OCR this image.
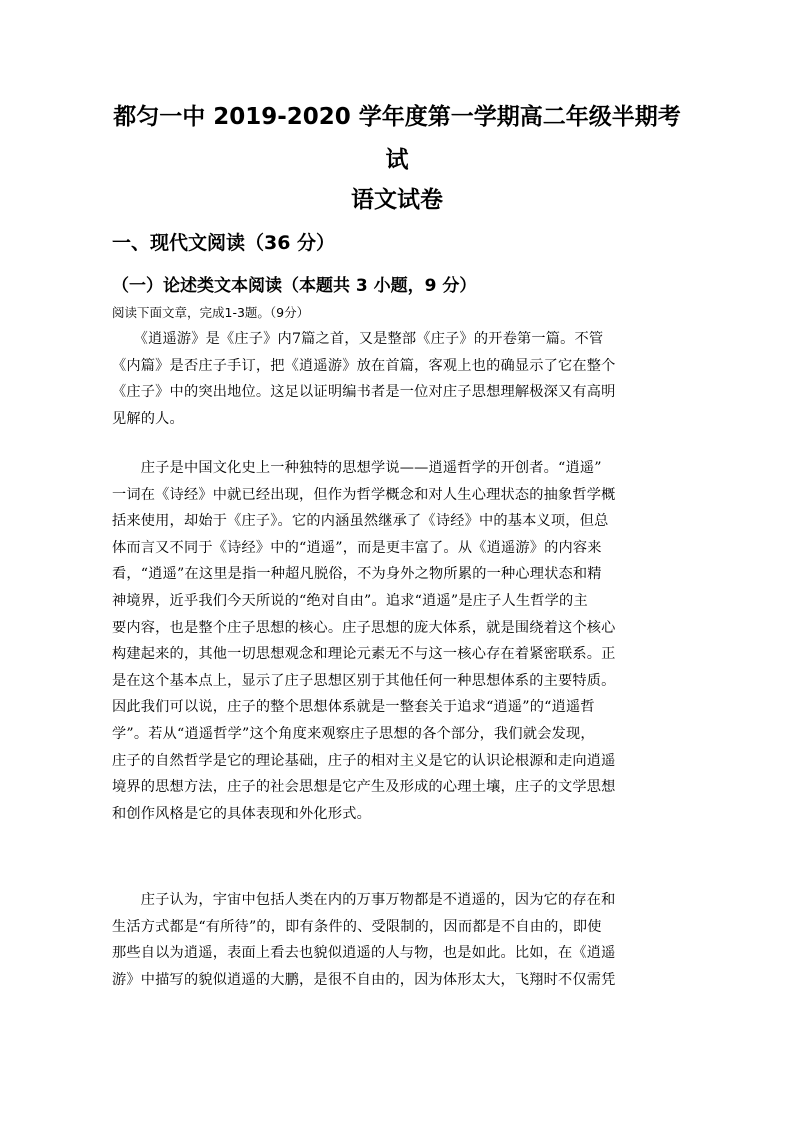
都匀一中 2019-2020 学年度第一学期高二年级半期考
试
语文试卷
一、现代文阅读（36 分）
（一）论述类文本阅读（本题共 3 小题，9 分）
阅读下面文章，完成1-3题。（9分）
　　《逍遥游》是《庄子》内7篇之首，又是整部《庄子》的开卷第一篇。不管
《内篇》是否庄子手订，把《逍遥游》放在首篇，客观上也的确显示了它在整个
《庄子》中的突出地位。这足以证明编书者是一位对庄子思想理解极深又有高明
见解的人。
　　庄子是中国文化史上一种独特的思想学说——逍遥哲学的开创者。“逍遥”
一词在《诗经》中就已经出现，但作为哲学概念和对人生心理状态的抽象哲学概
括来使用，却始于《庄子》。它的内涵虽然继承了《诗经》中的基本义项，但总
体而言又不同于《诗经》中的“逍遥”，而是更丰富了。从《逍遥游》的内容来
看，“逍遥”在这里是指一种超凡脱俗，不为身外之物所累的一种心理状态和精
神境界，近乎我们今天所说的“绝对自由”。追求“逍遥”是庄子人生哲学的主
要内容，也是整个庄子思想的核心。庄子思想的庞大体系，就是围绕着这个核心
构建起来的，其他一切思想观念和理论元素无不与这一核心存在着紧密联系。正
是在这个基本点上，显示了庄子思想区别于其他任何一种思想体系的主要特质。
因此我们可以说，庄子的整个思想体系就是一整套关于追求“逍遥”的“逍遥哲
学”。若从“逍遥哲学”这个角度来观察庄子思想的各个部分，我们就会发现，
庄子的自然哲学是它的理论基础，庄子的相对主义是它的认识论根源和走向逍遥
境界的思想方法，庄子的社会思想是它产生及形成的心理土壤，庄子的文学思想
和创作风格是它的具体表现和外化形式。
　　庄子认为，宇宙中包括人类在内的万事万物都是不逍遥的，因为它的存在和
生活方式都是“有所待”的，即有条件的、受限制的，因而都是不自由的，即使
那些自以为逍遥，表面上看去也貌似逍遥的人与物，也是如此。比如，在《逍遥
游》中描写的貌似逍遥的大鹏，是很不自由的，因为体形太大，飞翔时不仅需凭
